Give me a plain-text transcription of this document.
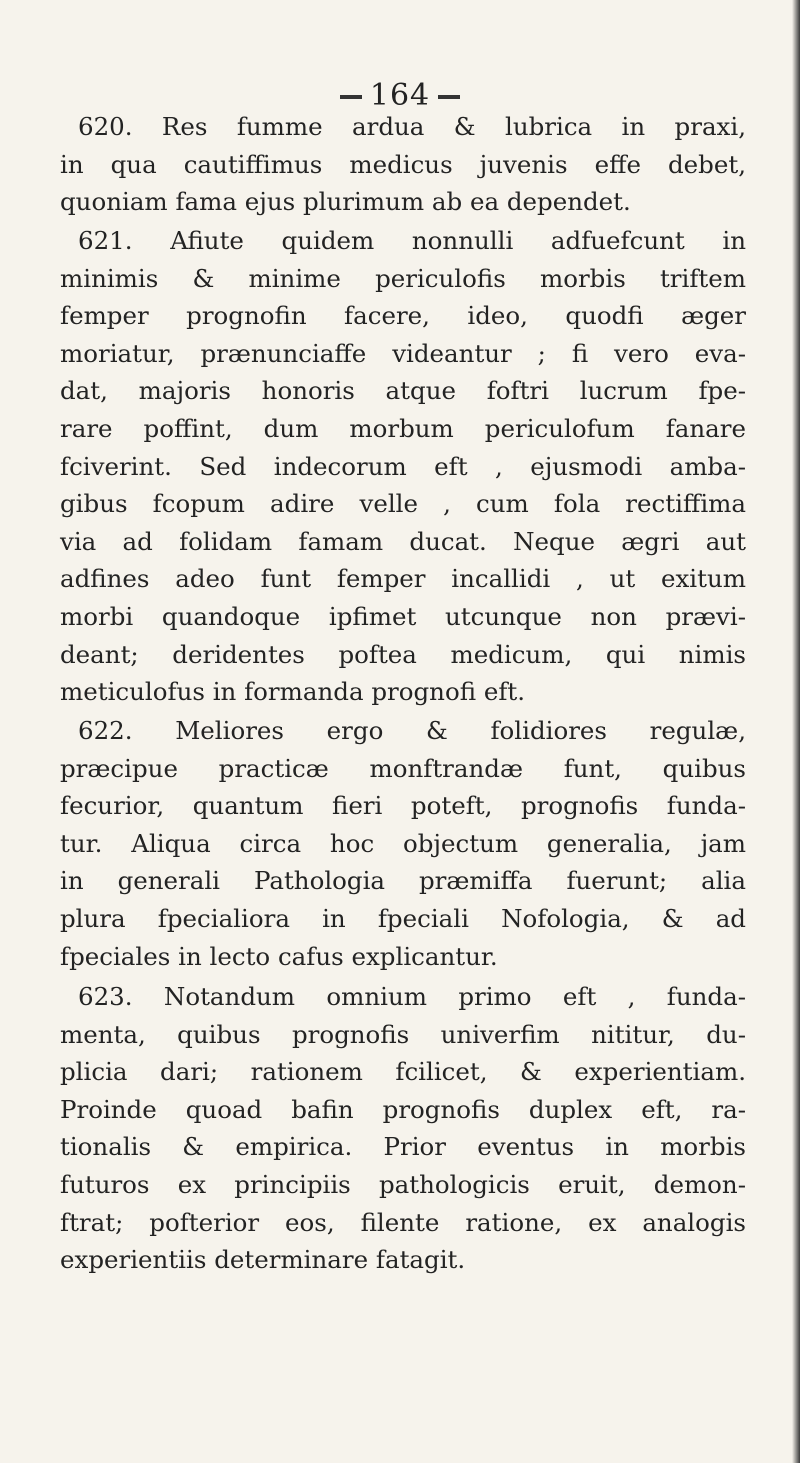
164
620. Res fumme ardua & lubrica in praxi,
in qua cautiffimus medicus juvenis effe debet,
quoniam fama ejus plurimum ab ea dependet.
621. Afiute quidem nonnulli adfuefcunt in
minimis & minime periculofis morbis triftem
femper prognofin facere, ideo, quodfi æger
moriatur, prænunciaffe videantur ; fi vero eva-
dat, majoris honoris atque foftri lucrum fpe-
rare poffint, dum morbum periculofum fanare
fciverint. Sed indecorum eft , ejusmodi amba-
gibus fcopum adire velle , cum fola rectiffima
via ad folidam famam ducat. Neque ægri aut
adfines adeo funt femper incallidi , ut exitum
morbi quandoque ipfimet utcunque non prævi-
deant; deridentes poftea medicum, qui nimis
meticulofus in formanda prognofi eft.
622. Meliores ergo & folidiores regulæ,
præcipue practicæ monftrandæ funt, quibus
fecurior, quantum fieri poteft, prognofis funda-
tur. Aliqua circa hoc objectum generalia, jam
in generali Pathologia præmiffa fuerunt; alia
plura fpecialiora in fpeciali Nofologia, & ad
fpeciales in lecto cafus explicantur.
623. Notandum omnium primo eft , funda-
menta, quibus prognofis univerfim nititur, du-
plicia dari; rationem fcilicet, & experientiam.
Proinde quoad bafin prognofis duplex eft, ra-
tionalis & empirica. Prior eventus in morbis
futuros ex principiis pathologicis eruit, demon-
ftrat; pofterior eos, filente ratione, ex analogis
experientiis determinare fatagit.
